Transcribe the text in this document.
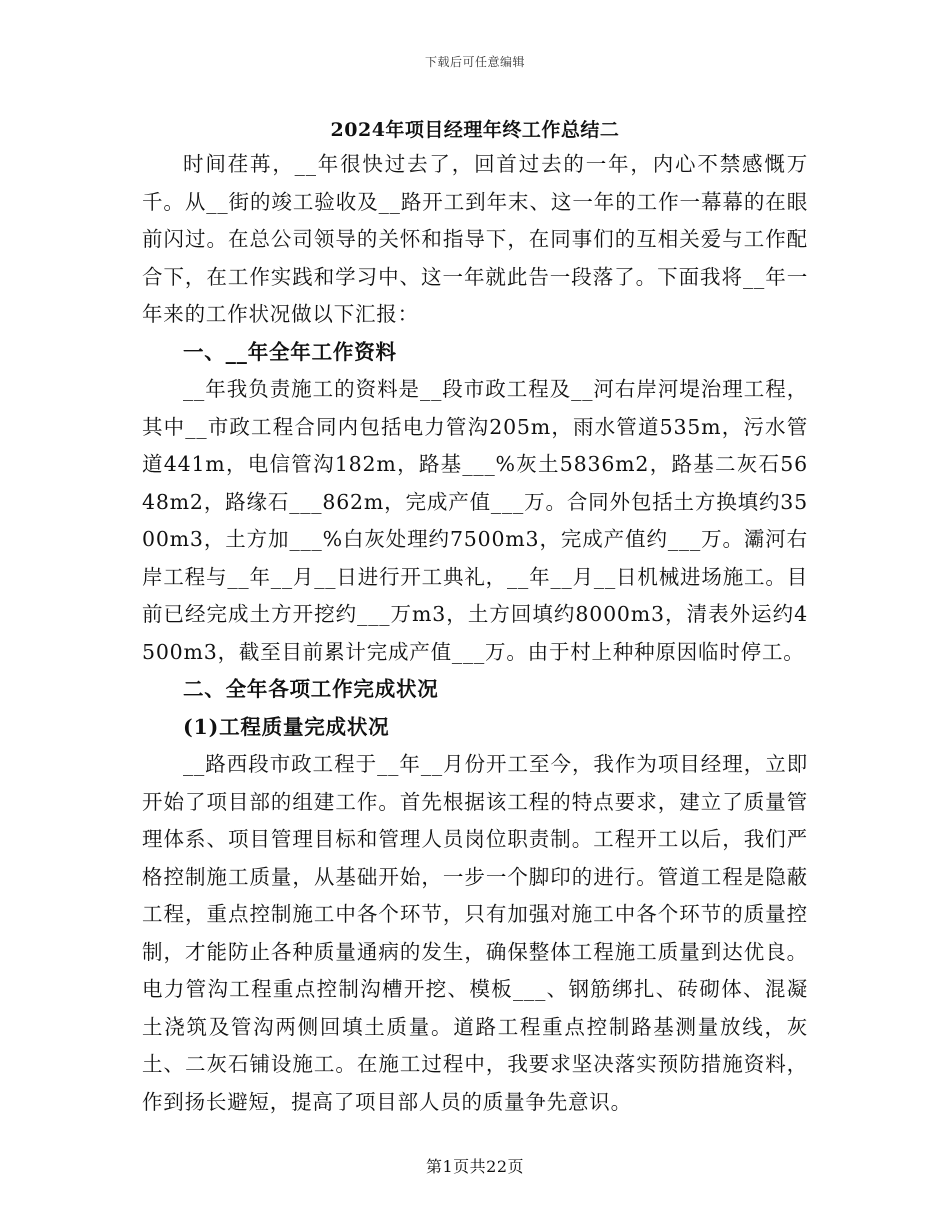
下载后可任意编辑
2024年项目经理年终工作总结二

时间荏苒，__年很快过去了，回首过去的一年，内心不禁感慨万千。从__街的竣工验收及__路开工到年末、这一年的工作一幕幕的在眼前闪过。在总公司领导的关怀和指导下，在同事们的互相关爱与工作配合下，在工作实践和学习中、这一年就此告一段落了。下面我将__年一年来的工作状况做以下汇报：

一、__年全年工作资料

__年我负责施工的资料是__段市政工程及__河右岸河堤治理工程，其中__市政工程合同内包括电力管沟205m，雨水管道535m，污水管道441m，电信管沟182m，路基___%灰土5836m2，路基二灰石5648m2，路缘石___862m，完成产值___万。合同外包括土方换填约3500m3，土方加___%白灰处理约7500m3，完成产值约___万。灞河右岸工程与__年__月__日进行开工典礼，__年__月__日机械进场施工。目前已经完成土方开挖约___万m3，土方回填约8000m3，清表外运约4500m3，截至目前累计完成产值___万。由于村上种种原因临时停工。

二、全年各项工作完成状况

(1)工程质量完成状况

__路西段市政工程于__年__月份开工至今，我作为项目经理，立即开始了项目部的组建工作。首先根据该工程的特点要求，建立了质量管理体系、项目管理目标和管理人员岗位职责制。工程开工以后，我们严格控制施工质量，从基础开始，一步一个脚印的进行。管道工程是隐蔽工程，重点控制施工中各个环节，只有加强对施工中各个环节的质量控制，才能防止各种质量通病的发生，确保整体工程施工质量到达优良。电力管沟工程重点控制沟槽开挖、模板___、钢筋绑扎、砖砌体、混凝土浇筑及管沟两侧回填土质量。道路工程重点控制路基测量放线，灰土、二灰石铺设施工。在施工过程中，我要求坚决落实预防措施资料，作到扬长避短，提高了项目部人员的质量争先意识。

第1页共22页
